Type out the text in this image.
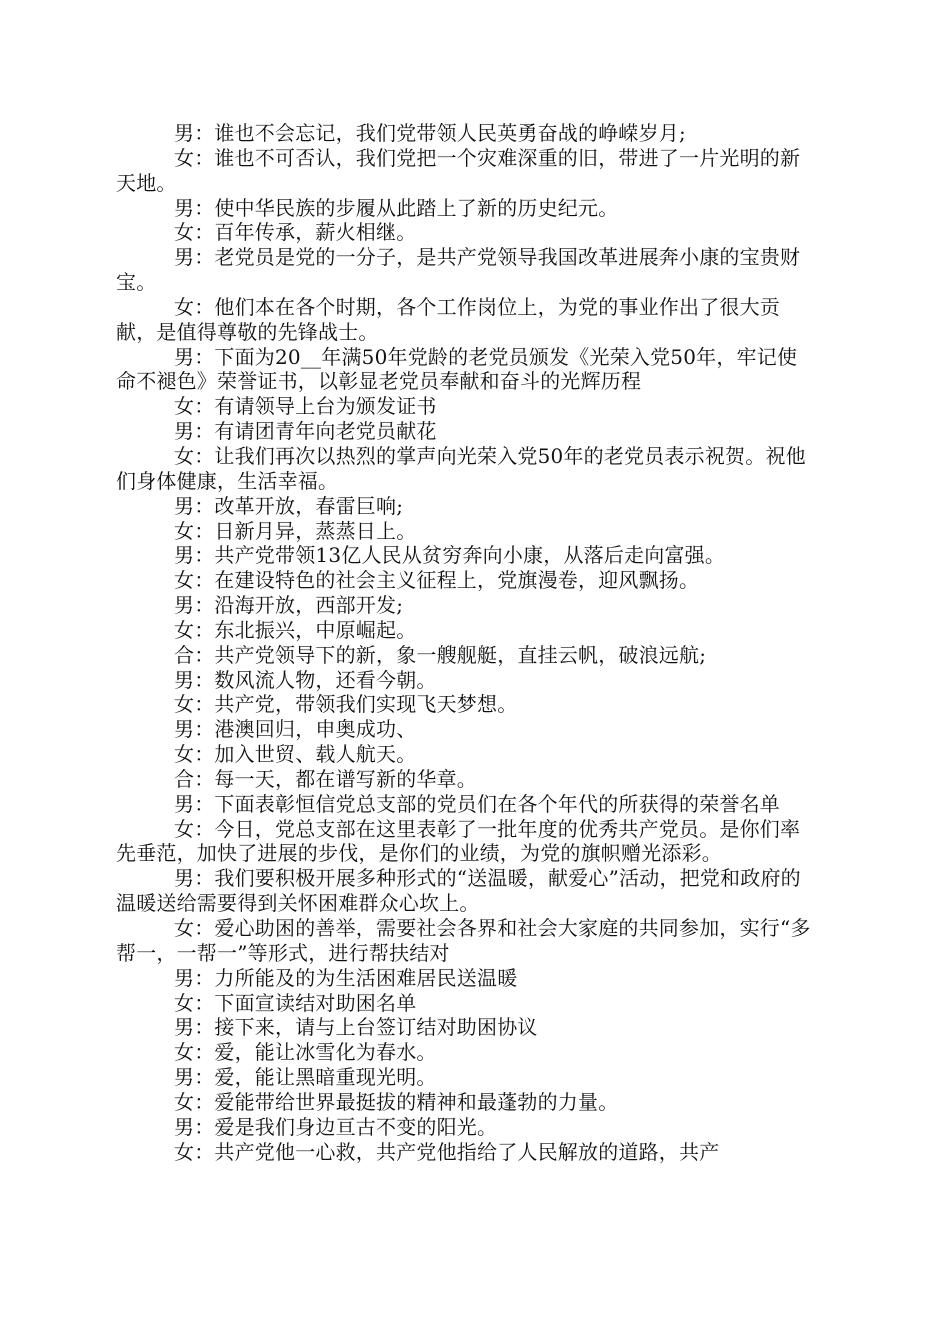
男：谁也不会忘记，我们党带领人民英勇奋战的峥嵘岁月;

女：谁也不可否认，我们党把一个灾难深重的旧，带进了一片光明的新天地。

男：使中华民族的步履从此踏上了新的历史纪元。

女：百年传承，薪火相继。

男：老党员是党的一分子，是共产党领导我国改革进展奔小康的宝贵财宝。

女：他们本在各个时期，各个工作岗位上，为党的事业作出了很大贡献，是值得尊敬的先锋战士。

男：下面为20__年满50年党龄的老党员颁发《光荣入党50年，牢记使命不褪色》荣誉证书，以彰显老党员奉献和奋斗的光辉历程

女：有请领导上台为颁发证书

男：有请团青年向老党员献花

女：让我们再次以热烈的掌声向光荣入党50年的老党员表示祝贺。祝他们身体健康，生活幸福。

男：改革开放，春雷巨响;

女：日新月异，蒸蒸日上。

男：共产党带领13亿人民从贫穷奔向小康，从落后走向富强。

女：在建设特色的社会主义征程上，党旗漫卷，迎风飘扬。

男：沿海开放，西部开发;

女：东北振兴，中原崛起。

合：共产党领导下的新，象一艘舰艇，直挂云帆，破浪远航;

男：数风流人物，还看今朝。

女：共产党，带领我们实现飞天梦想。

男：港澳回归，申奥成功、

女：加入世贸、载人航天。

合：每一天，都在谱写新的华章。

男：下面表彰恒信党总支部的党员们在各个年代的所获得的荣誉名单

女：今日，党总支部在这里表彰了一批年度的优秀共产党员。是你们率先垂范，加快了进展的步伐，是你们的业绩，为党的旗帜赠光添彩。

男：我们要积极开展多种形式的“送温暖，献爱心”活动，把党和政府的温暖送给需要得到关怀困难群众心坎上。

女：爱心助困的善举，需要社会各界和社会大家庭的共同参加，实行“多帮一，一帮一”等形式，进行帮扶结对

男：力所能及的为生活困难居民送温暖

女：下面宣读结对助困名单

男：接下来，请与上台签订结对助困协议

女：爱，能让冰雪化为春水。

男：爱，能让黑暗重现光明。

女：爱能带给世界最挺拔的精神和最蓬勃的力量。

男：爱是我们身边亘古不变的阳光。

女：共产党他一心救，共产党他指给了人民解放的道路，共产
